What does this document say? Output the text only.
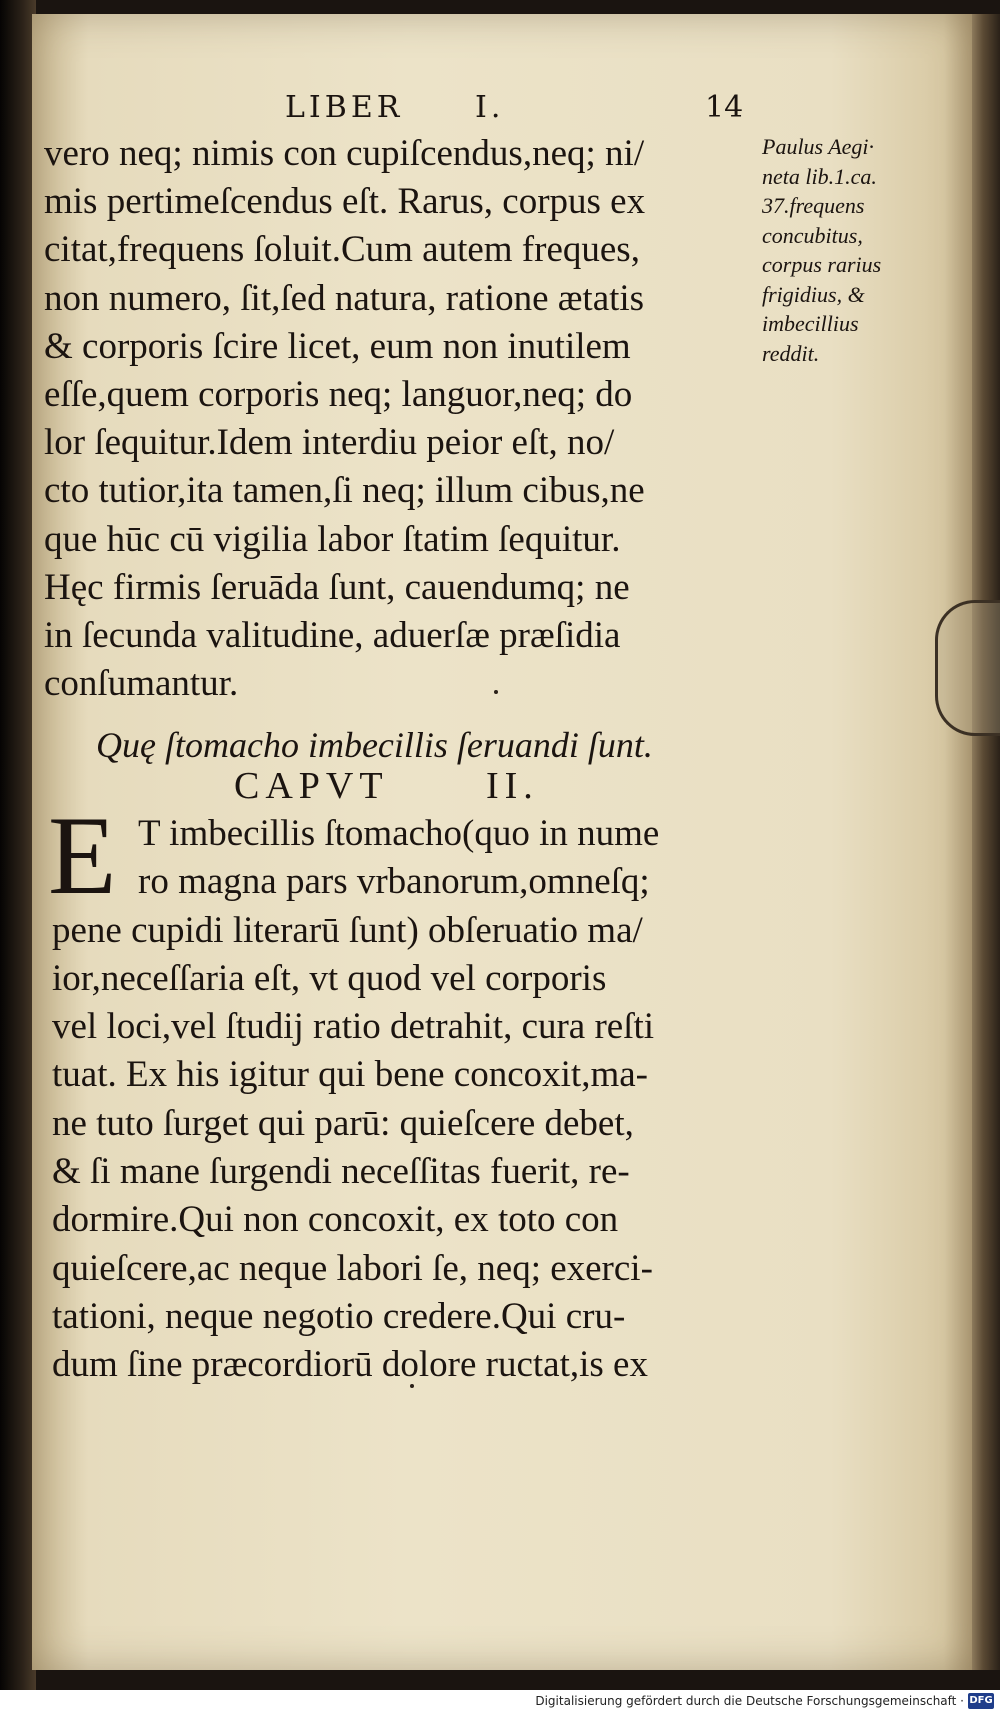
LIBER I.	14
vero neq; nimis con cupiſcendus,neq; ni/
mis pertimeſcendus eſt. Rarus, corpus ex
citat,frequens ſoluit.Cum autem freques,
non numero, ſit,ſed natura, ratione ætatis
& corporis ſcire licet, eum non inutilem
eſſe,quem corporis neq; languor,neq; do
lor ſequitur.Idem interdiu peior eſt, no/
cto tutior,ita tamen,ſi neq; illum cibus,ne
que hūc cū vigilia labor ſtatim ſequitur.
Hęc firmis ſeruāda ſunt, cauendumq; ne
in ſecunda valitudine, aduerſæ præſidia
conſumantur.
Paulus Aegi·
neta lib.1.ca.
37.frequens
concubitus,
corpus rarius
frigidius, &
imbecillius
reddit.
Quę ſtomacho imbecillis ſeruandi ſunt.
CAPVT	II.
E T imbecillis ſtomacho(quo in nume
ro magna pars vrbanorum,omneſq;
pene cupidi literarū ſunt) obſeruatio ma/
ior,neceſſaria eſt, vt quod vel corporis
vel loci,vel ſtudij ratio detrahit, cura reſti
tuat. Ex his igitur qui bene concoxit,ma-
ne tuto ſurget qui parū: quieſcere debet,
& ſi mane ſurgendi neceſſitas fuerit, re-
dormire.Qui non concoxit, ex toto con
quieſcere,ac neque labori ſe, neq; exerci-
tationi, neque negotio credere.Qui cru-
dum ſine præcordiorū dolore ructat,is ex
Digitalisierung gefördert durch die Deutsche Forschungsgemeinschaft · DFG
